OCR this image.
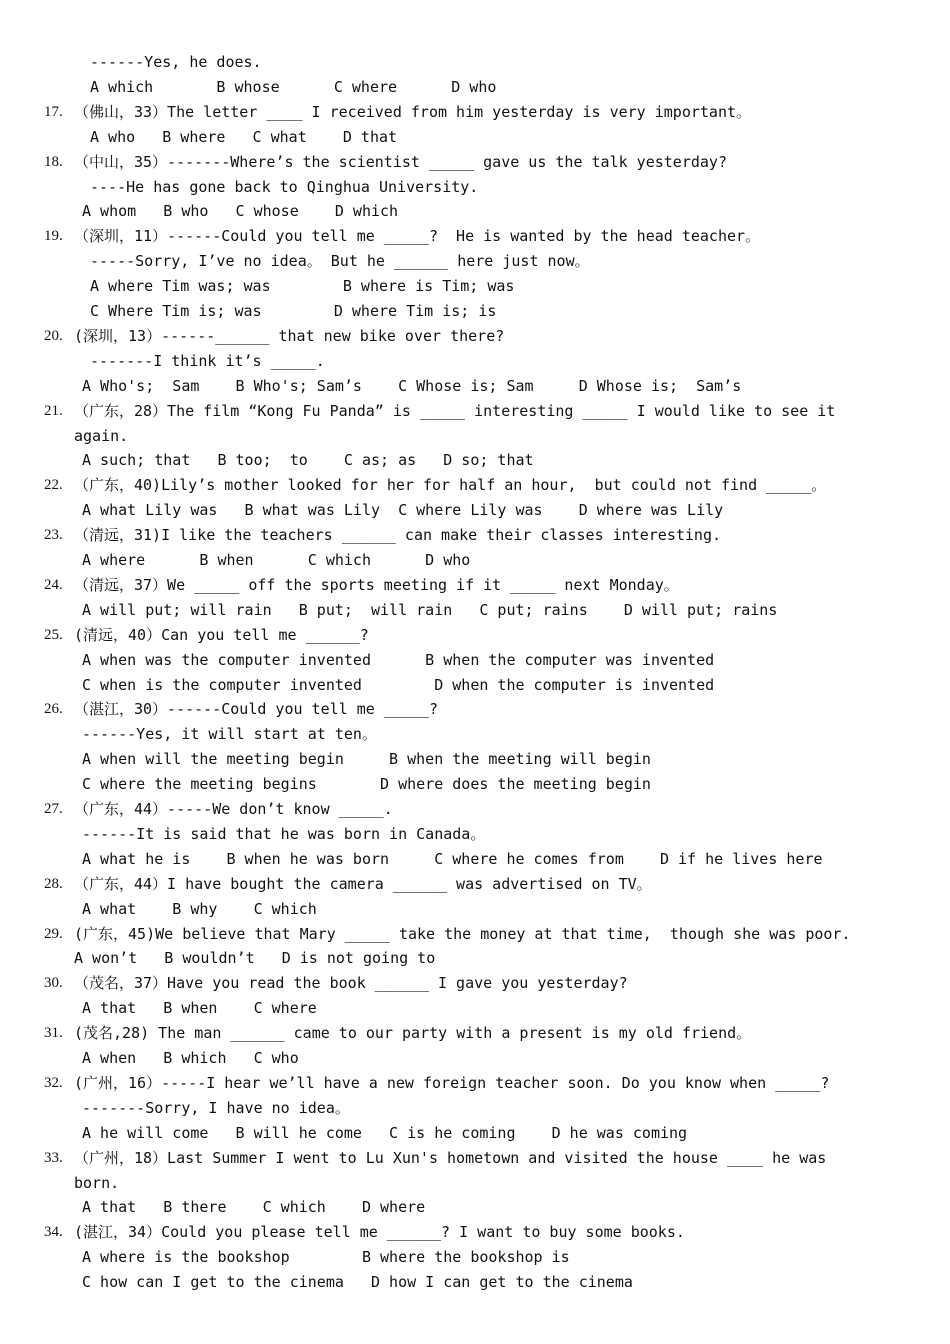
------Yes, he does.
A which       B whose      C where      D who
17. （佛山，33）The letter ____ I received from him yesterday is very important。
A who   B where   C what    D that
18. （中山，35）-------Where’s the scientist _____ gave us the talk yesterday?
----He has gone back to Qinghua University.
A whom   B who   C whose    D which
19. （深圳，11）------Could you tell me _____?  He is wanted by the head teacher。
-----Sorry, I’ve no idea。 But he ______ here just now。
A where Tim was; was        B where is Tim; was
C Where Tim is; was        D where Tim is; is
20. (深圳，13）------______ that new bike over there?
-------I think it’s _____.
A Who's;  Sam    B Who's; Sam’s    C Whose is; Sam     D Whose is;  Sam’s
21. （广东，28）The film “Kong Fu Panda” is _____ interesting _____ I would like to see it
again.
A such; that   B too;  to    C as; as   D so; that
22. （广东，40)Lily’s mother looked for her for half an hour,  but could not find _____。
A what Lily was   B what was Lily  C where Lily was    D where was Lily
23. （清远，31)I like the teachers ______ can make their classes interesting.
A where      B when      C which      D who
24. （清远，37）We _____ off the sports meeting if it _____ next Monday。
A will put; will rain   B put;  will rain   C put; rains    D will put; rains
25. (清远，40）Can you tell me ______?
A when was the computer invented      B when the computer was invented
C when is the computer invented        D when the computer is invented
26. （湛江，30）------Could you tell me _____?
------Yes, it will start at ten。
A when will the meeting begin     B when the meeting will begin
C where the meeting begins       D where does the meeting begin
27. （广东，44）-----We don’t know _____.
------It is said that he was born in Canada。
A what he is    B when he was born     C where he comes from    D if he lives here
28. （广东，44）I have bought the camera ______ was advertised on TV。
A what    B why    C which
29. (广东，45)We believe that Mary _____ take the money at that time,  though she was poor.
A won’t   B wouldn’t   D is not going to
30. （茂名，37）Have you read the book ______ I gave you yesterday?
A that   B when    C where
31. (茂名,28) The man ______ came to our party with a present is my old friend。
A when   B which   C who
32. (广州，16）-----I hear we’ll have a new foreign teacher soon. Do you know when _____?
-------Sorry, I have no idea。
A he will come   B will he come   C is he coming    D he was coming
33. （广州，18）Last Summer I went to Lu Xun's hometown and visited the house ____ he was
born.
A that   B there    C which    D where
34. (湛江，34）Could you please tell me ______? I want to buy some books.
A where is the bookshop        B where the bookshop is
C how can I get to the cinema   D how I can get to the cinema
